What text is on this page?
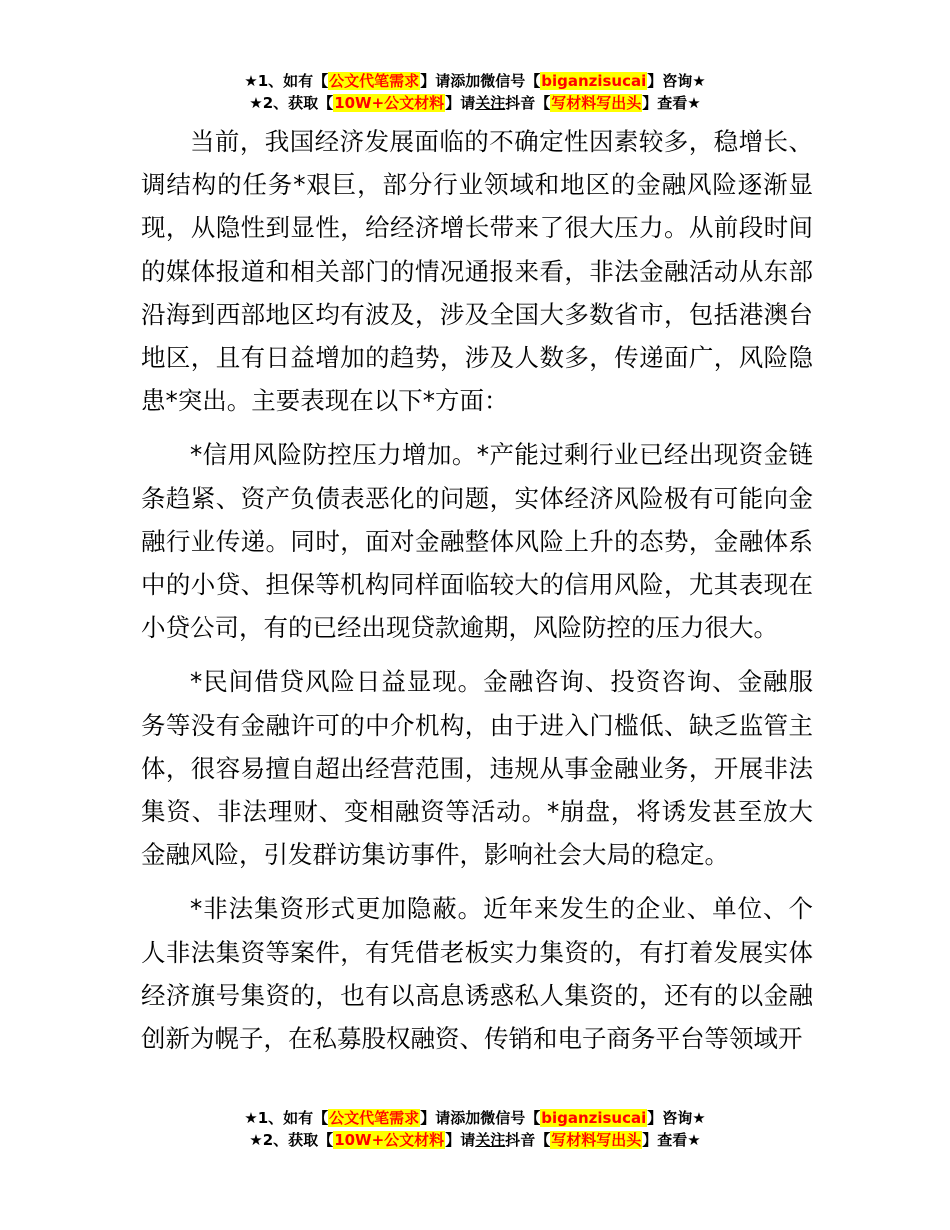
★1、如有【公文代笔需求】请添加微信号【biganzisucai】咨询★
★2、获取【10W+公文材料】请关注抖音【写材料写出头】查看★

当前，我国经济发展面临的不确定性因素较多，稳增长、调结构的任务*艰巨，部分行业领域和地区的金融风险逐渐显现，从隐性到显性，给经济增长带来了很大压力。从前段时间的媒体报道和相关部门的情况通报来看，非法金融活动从东部沿海到西部地区均有波及，涉及全国大多数省市，包括港澳台地区，且有日益增加的趋势，涉及人数多，传递面广，风险隐患*突出。主要表现在以下*方面：

*信用风险防控压力增加。*产能过剩行业已经出现资金链条趋紧、资产负债表恶化的问题，实体经济风险极有可能向金融行业传递。同时，面对金融整体风险上升的态势，金融体系中的小贷、担保等机构同样面临较大的信用风险，尤其表现在小贷公司，有的已经出现贷款逾期，风险防控的压力很大。

*民间借贷风险日益显现。金融咨询、投资咨询、金融服务等没有金融许可的中介机构，由于进入门槛低、缺乏监管主体，很容易擅自超出经营范围，违规从事金融业务，开展非法集资、非法理财、变相融资等活动。*崩盘，将诱发甚至放大金融风险，引发群访集访事件，影响社会大局的稳定。

*非法集资形式更加隐蔽。近年来发生的企业、单位、个人非法集资等案件，有凭借老板实力集资的，有打着发展实体经济旗号集资的，也有以高息诱惑私人集资的，还有的以金融创新为幌子，在私募股权融资、传销和电子商务平台等领域开

★1、如有【公文代笔需求】请添加微信号【biganzisucai】咨询★
★2、获取【10W+公文材料】请关注抖音【写材料写出头】查看★
